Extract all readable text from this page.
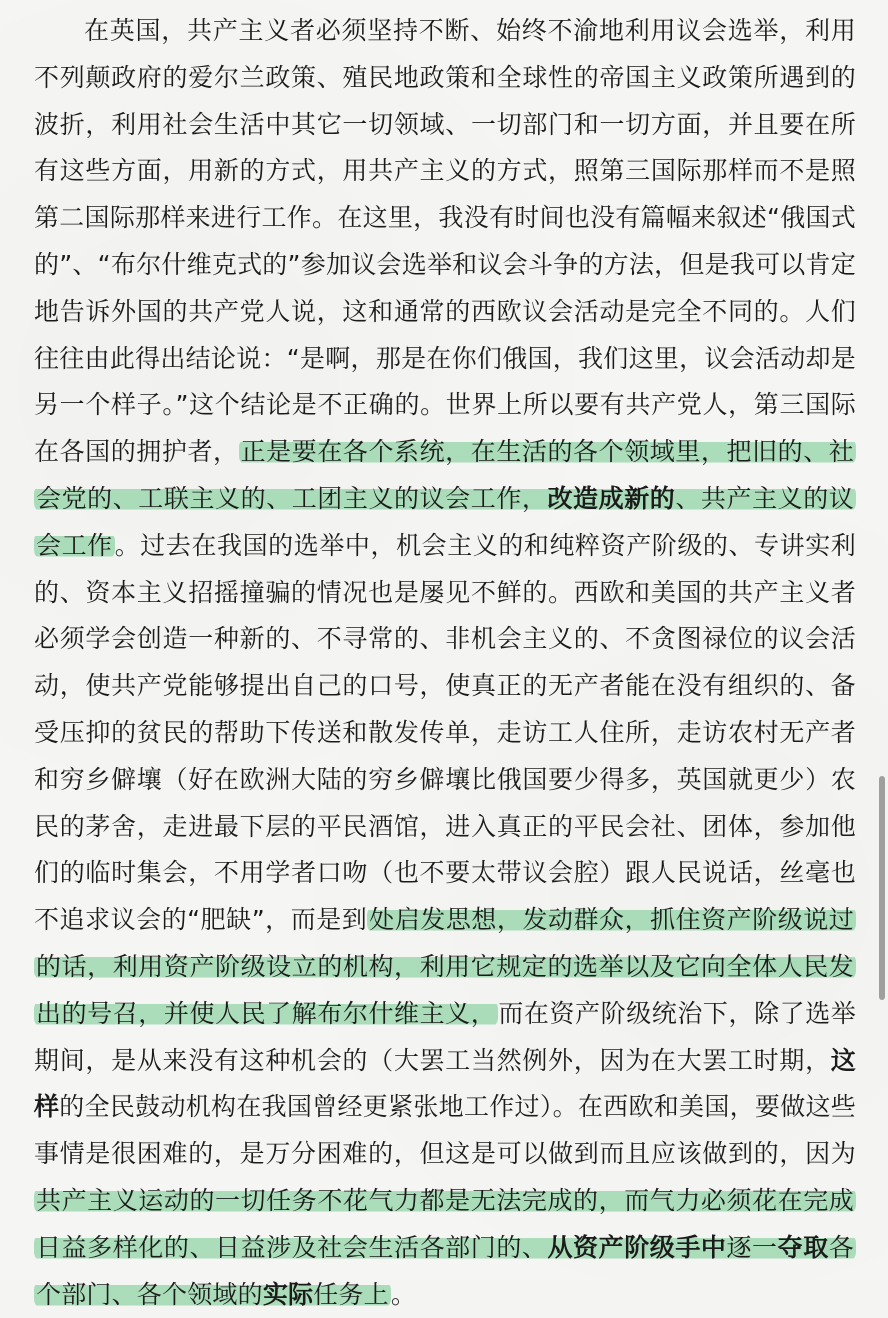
在英国，共产主义者必须坚持不断、始终不渝地利用议会选举，利用不列颠政府的爱尔兰政策、殖民地政策和全球性的帝国主义政策所遇到的波折，利用社会生活中其它一切领域、一切部门和一切方面，并且要在所有这些方面，用新的方式，用共产主义的方式，照第三国际那样而不是照第二国际那样来进行工作。在这里，我没有时间也没有篇幅来叙述“俄国式的”、“布尔什维克式的”参加议会选举和议会斗争的方法，但是我可以肯定地告诉外国的共产党人说，这和通常的西欧议会活动是完全不同的。人们往往由此得出结论说：“是啊，那是在你们俄国，我们这里，议会活动却是另一个样子。”这个结论是不正确的。世界上所以要有共产党人，第三国际在各国的拥护者，正是要在各个系统，在生活的各个领域里，把旧的、社会党的、工联主义的、工团主义的议会工作，改造成新的、共产主义的议会工作。过去在我国的选举中，机会主义的和纯粹资产阶级的、专讲实利的、资本主义招摇撞骗的情况也是屡见不鲜的。西欧和美国的共产主义者必须学会创造一种新的、不寻常的、非机会主义的、不贪图禄位的议会活动，使共产党能够提出自己的口号，使真正的无产者能在没有组织的、备受压抑的贫民的帮助下传送和散发传单，走访工人住所，走访农村无产者和穷乡僻壤（好在欧洲大陆的穷乡僻壤比俄国要少得多，英国就更少）农民的茅舍，走进最下层的平民酒馆，进入真正的平民会社、团体，参加他们的临时集会，不用学者口吻（也不要太带议会腔）跟人民说话，丝毫也不追求议会的“肥缺”，而是到处启发思想，发动群众，抓住资产阶级说过的话，利用资产阶级设立的机构，利用它规定的选举以及它向全体人民发出的号召，并使人民了解布尔什维主义，而在资产阶级统治下，除了选举期间，是从来没有这种机会的（大罢工当然例外，因为在大罢工时期，这样的全民鼓动机构在我国曾经更紧张地工作过）。在西欧和美国，要做这些事情是很困难的，是万分困难的，但这是可以做到而且应该做到的，因为共产主义运动的一切任务不花气力都是无法完成的，而气力必须花在完成日益多样化的、日益涉及社会生活各部门的、从资产阶级手中逐一夺取各个部门、各个领域的实际任务上。
